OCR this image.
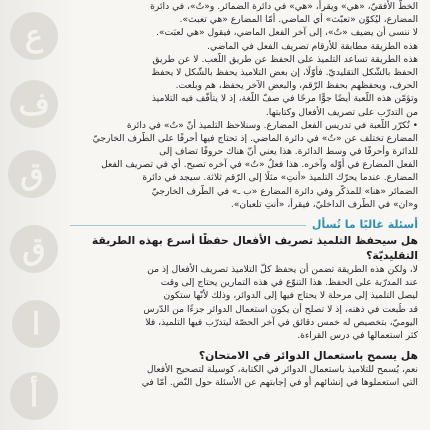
ع
ف
ق
ق
ا
أ
الخطّ الأفقيّ، «هي» ويقرأ، «هي» في دائرة الضمائر. و«تُ»، في دائرة
المضارع، ليُكوّن «تعبّث» أي الماضي. أمّا المضارع «هي تعبث».
لا ننسى أن يضيف «تُ»، إلى آخر الفعل الماضي، فيقول «هي لعبَت».
هذه الطريقة مطابقة للأرقام تصريف الفعل في الماضي.
هذه الطريقة تساعد التلميذ على الحفظ عن طريق اللّعب. لا عن طريق
الحفظ بالشّكل التقليديّ. فأوّلًا، إن بعض التلاميذ يحفظ بالشّكل لا يحفظ
الحرف، ويحفظهم بحفظ الرّقم، والبعض الآخر يحفظ، هم وبلعت.
وتؤمّن هذه اللّعبة أيضًا جوًّا مرحًا في صفّ اللّغة، إذ لا يتأفّف فيه التلاميذ
من التدرّب على تصريف الأفعال وكتابتها.
• تُكرّر اللّعبة في تدريس الفعل المضارع. وسنلاحظ التلميذ أنّ «تُ» في دائرة
المضارع تختلف عن «تُ» في دائرة الماضي. إذ تحتاج فيها أحرفًا على الطّرف الخارجيّ
للدائرة وأحرفًا في وسط الدائرة. هذا يعني أنّ هناك حروفًا تضاف إلى
الفعل المضارع في أوّله وآخره. هذا فعلٌ «تُ» في آخره تصبح. أي في تصريف الفعل
المضارع. عندما يحرّك التلميذ «أنتِ» مثلًا إلى الرّقم ثلاثة. سيجد في دائرة
الضمائر «هنا» للمذكّر وفي دائرة المضارع «ب ـ» في الطّرف الخارجيّ
و«ان» في الطّرف الداخليّ، فيقرأ، «أنتِ تلعبان».
أسئلة غالبًا ما تُسأل
هل سيحفظ التلميذ تصريف الأفعال حفظًا أسرع بهذه الطريقة
التقليديّة؟
لا، ولكن هذه الطريقة تضمن أن يحفظ كلّ التلاميذ تصريف الأفعال إذ من
عند المدرّبة على الحفظ. هذا التنوّع في هذه التمارين يحتاج إلى وقت
ليصل التلميذ إلى مرحلة لا يحتاج فيها إلى الدوائر، وذلك لأنّها ستكون
قد طُبعت في ذهنه، إذ لا تصلح أن يكون استعمال الدوائر جزءًا من الدّرس
اليوميّ، بتخصيص له خمس دقائق في آخر الحصّة ليتدرّب فيها التلميذ، فلا
كثر استعمالها في درس القراءة.
هل يسمح باستعمال الدوائر في الامتحان؟
نعم، يُسمح للتلاميذ باستعمال الدوائر في الكتابة، كوسيلة لتصحيح الأفعال
التي استعملوها في إنشائهم أو في إجابتهم عن الأسئلة حول النّص. أمّا في
